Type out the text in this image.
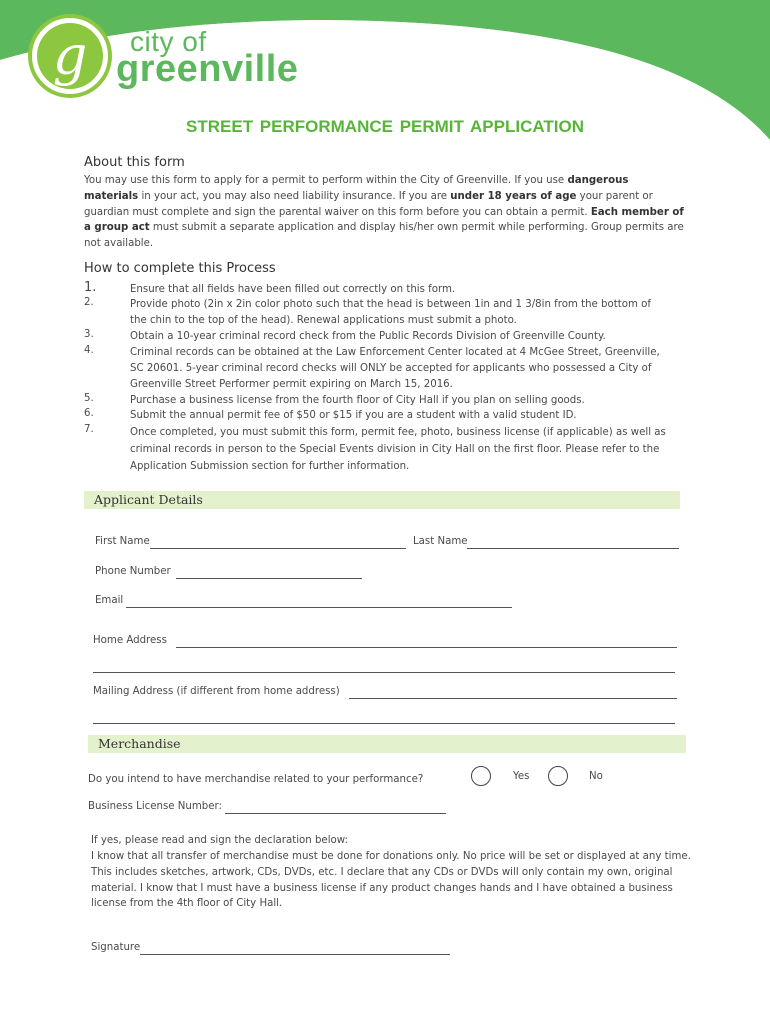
g city of
greenville
STREET PERFORMANCE PERMIT APPLICATION
About this form
You may use this form to apply for a permit to perform within the City of Greenville. If you use dangerous materials in your act, you may also need liability insurance. If you are under 18 years of age your parent or guardian must complete and sign the parental waiver on this form before you can obtain a permit. Each member of a group act must submit a separate application and display his/her own permit while performing. Group permits are not available.
How to complete this Process
1.	Ensure that all fields have been filled out correctly on this form.
2.	Provide photo (2in x 2in color photo such that the head is between 1in and 1 3/8in from the bottom of the chin to the top of the head). Renewal applications must submit a photo.
3.	Obtain a 10-year criminal record check from the Public Records Division of Greenville County.
4.	Criminal records can be obtained at the Law Enforcement Center located at 4 McGee Street, Greenville, SC 20601. 5-year criminal record checks will ONLY be accepted for applicants who possessed a City of Greenville Street Performer permit expiring on March 15, 2016.
5.	Purchase a business license from the fourth floor of City Hall if you plan on selling goods.
6.	Submit the annual permit fee of $50 or $15 if you are a student with a valid student ID.
7.	Once completed, you must submit this form, permit fee, photo, business license (if applicable) as well as criminal records in person to the Special Events division in City Hall on the first floor. Please refer to the Application Submission section for further information.
Applicant Details
First Name	Last Name
Phone Number
Email
Home Address
Mailing Address (if different from home address)
Merchandise
Do you intend to have merchandise related to your performance?	Yes	No
Business License Number:
If yes, please read and sign the declaration below:
I know that all transfer of merchandise must be done for donations only. No price will be set or displayed at any time. This includes sketches, artwork, CDs, DVDs, etc. I declare that any CDs or DVDs will only contain my own, original material. I know that I must have a business license if any product changes hands and I have obtained a business license from the 4th floor of City Hall.
Signature
